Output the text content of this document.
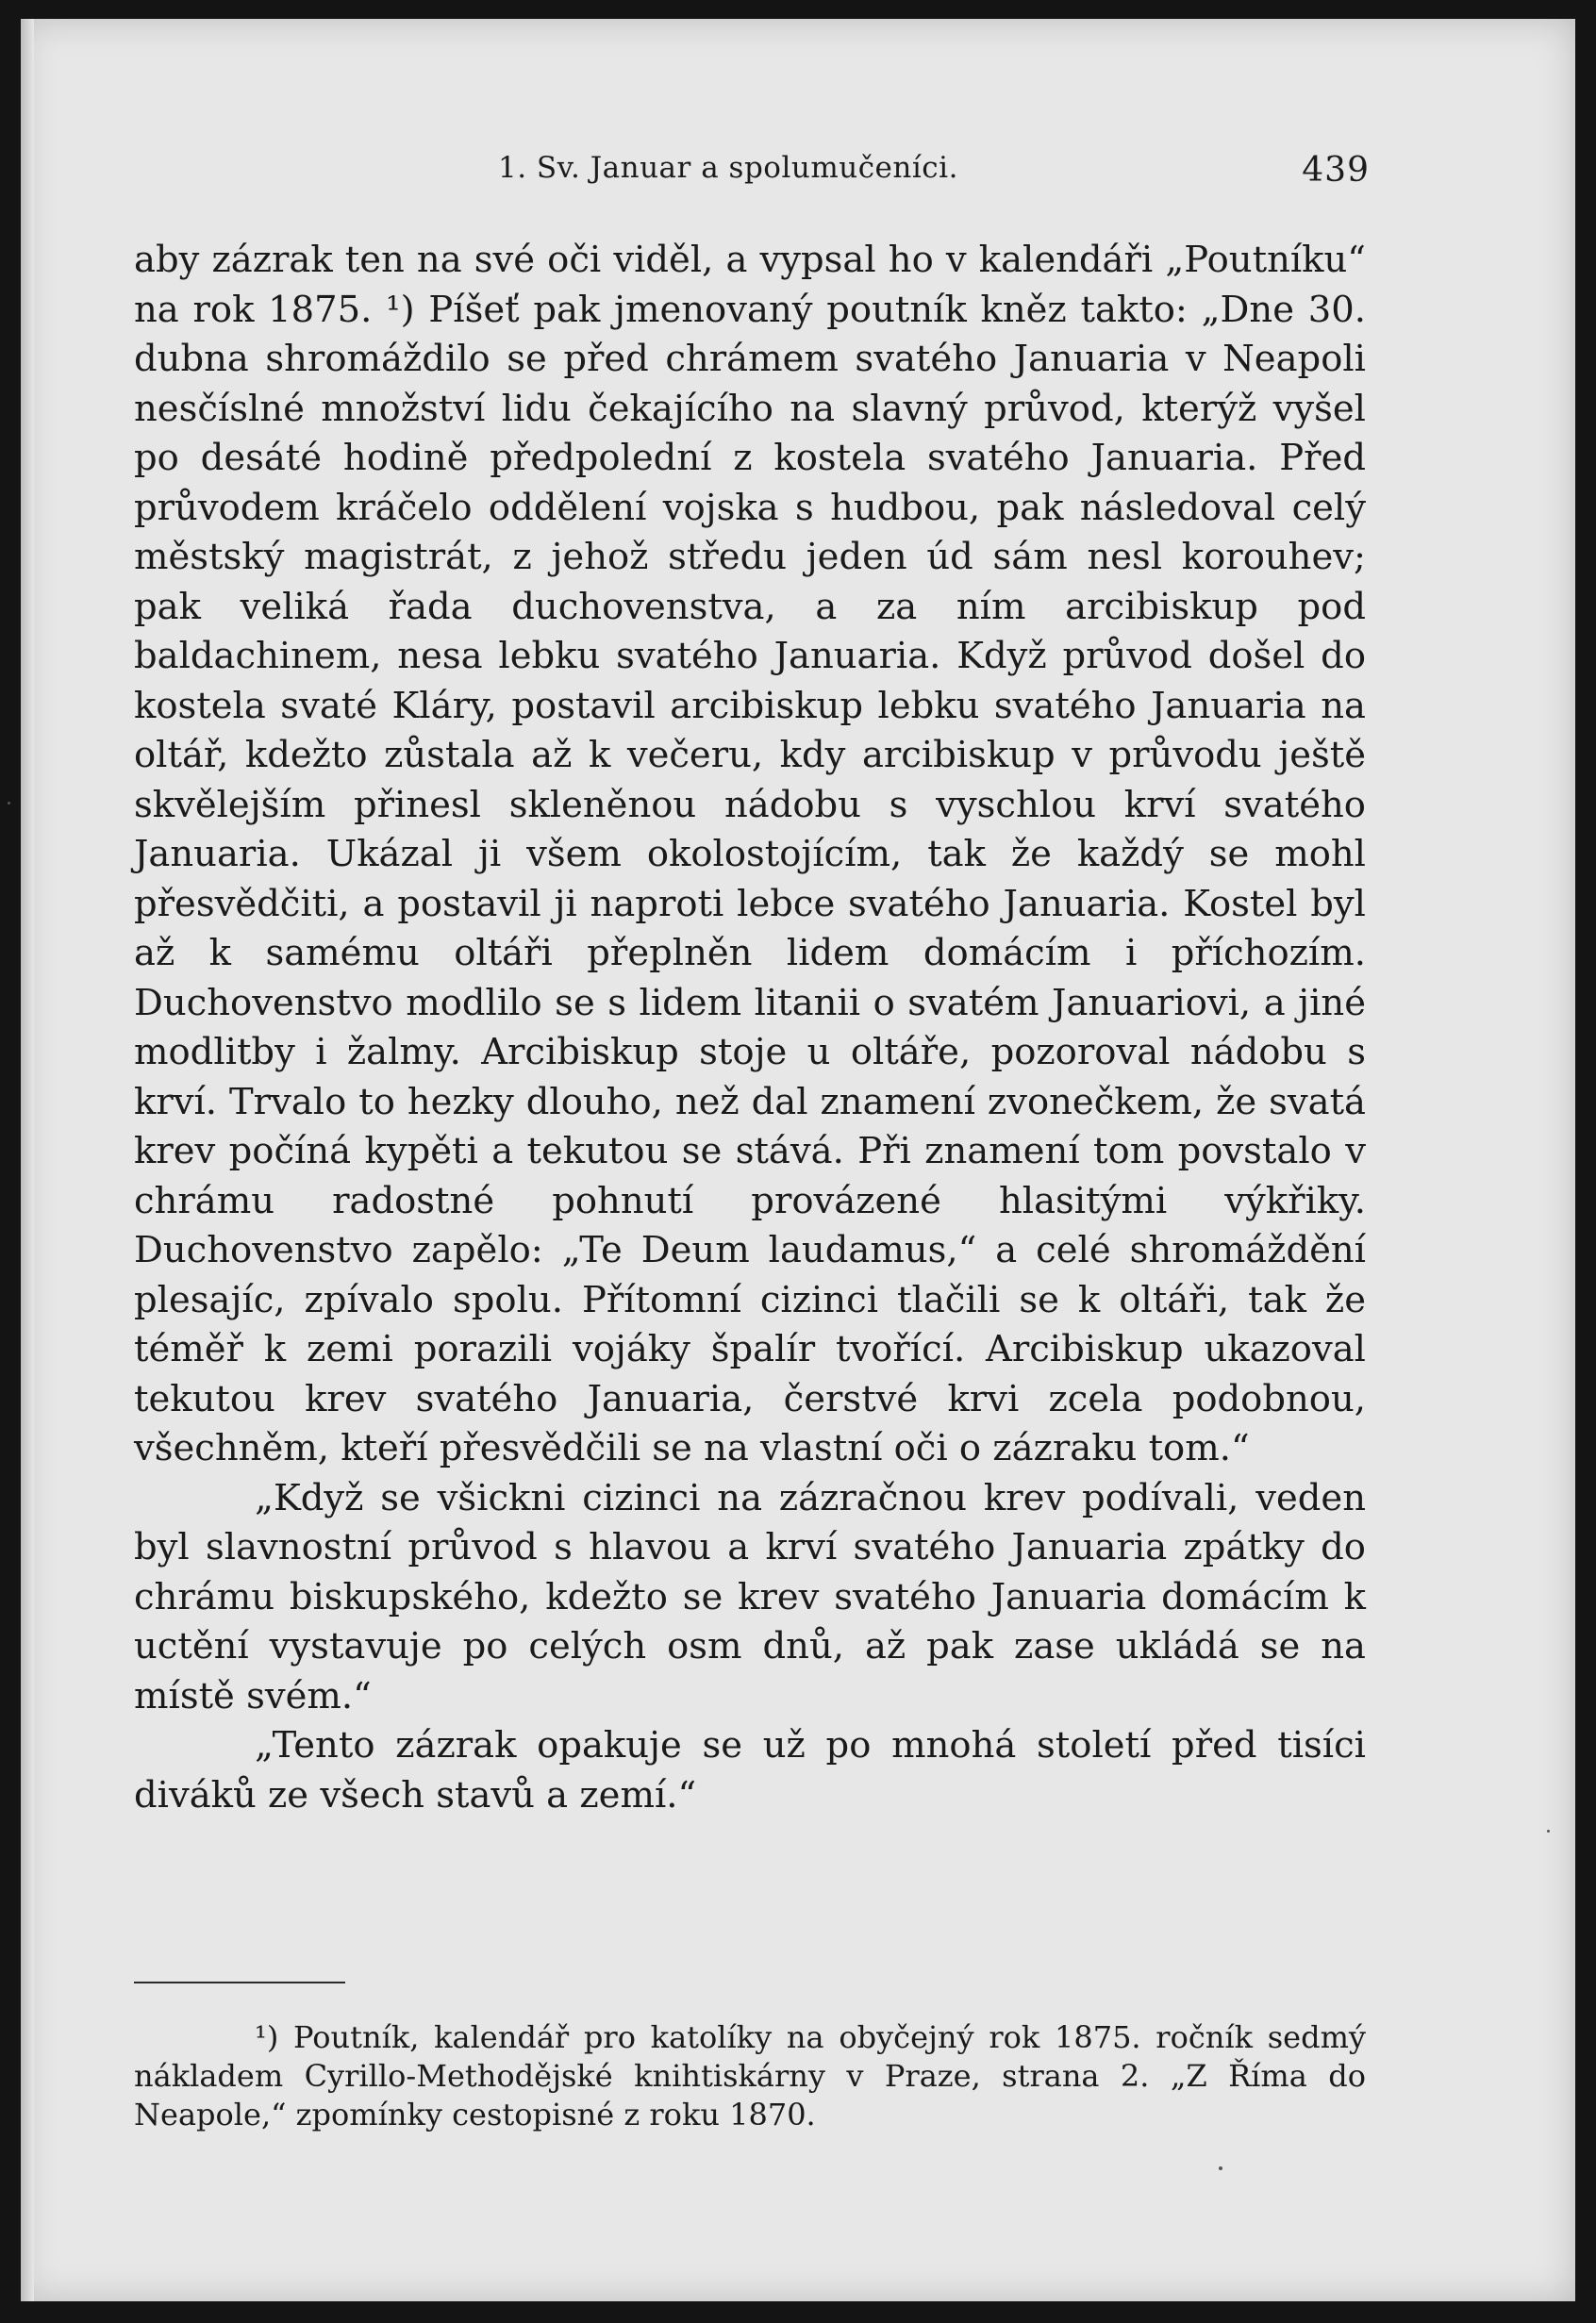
1. Sv. Januar a spolumučeníci.	439

aby zázrak ten na své oči viděl, a vypsal ho v kalendáři „Poutníku“ na rok 1875. ¹) Píšeť pak jmenovaný poutník kněz takto: „Dne 30. dubna shromáždilo se před chrámem svatého Januaria v Neapoli nesčíslné množství lidu čekajícího na slavný průvod, kterýž vyšel po desáté hodině předpolední z kostela svatého Januaria. Před průvodem kráčelo oddělení vojska s hudbou, pak následoval celý městský magistrát, z jehož středu jeden úd sám nesl korouhev; pak veliká řada duchovenstva, a za ním arcibiskup pod baldachinem, nesa lebku svatého Januaria. Když průvod došel do kostela svaté Kláry, postavil arcibiskup lebku svatého Januaria na oltář, kdežto zůstala až k večeru, kdy arcibiskup v průvodu ještě skvělejším přinesl skleněnou nádobu s vyschlou krví svatého Januaria. Ukázal ji všem okolostojícím, tak že každý se mohl přesvědčiti, a postavil ji naproti lebce svatého Januaria. Kostel byl až k samému oltáři přeplněn lidem domácím i příchozím. Duchovenstvo modlilo se s lidem litanii o svatém Januariovi, a jiné modlitby i žalmy. Arcibiskup stoje u oltáře, pozoroval nádobu s krví. Trvalo to hezky dlouho, než dal znamení zvonečkem, že svatá krev počíná kypěti a tekutou se stává. Při znamení tom povstalo v chrámu radostné pohnutí provázené hlasitými výkřiky. Duchovenstvo zapělo: „Te Deum laudamus,“ a celé shromáždění plesajíc, zpívalo spolu. Přítomní cizinci tlačili se k oltáři, tak že téměř k zemi porazili vojáky špalír tvořící. Arcibiskup ukazoval tekutou krev svatého Januaria, čerstvé krvi zcela podobnou, všechněm, kteří přesvědčili se na vlastní oči o zázraku tom.“

„Když se všickni cizinci na zázračnou krev podívali, veden byl slavnostní průvod s hlavou a krví svatého Januaria zpátky do chrámu biskupského, kdežto se krev svatého Januaria domácím k uctění vystavuje po celých osm dnů, až pak zase ukládá se na místě svém.“

„Tento zázrak opakuje se už po mnohá století před tisíci diváků ze všech stavů a zemí.“

¹) Poutník, kalendář pro katolíky na obyčejný rok 1875. ročník sedmý nákladem Cyrillo-Methodějské knihtiskárny v Praze, strana 2. „Z Říma do Neapole,“ zpomínky cestopisné z roku 1870.
